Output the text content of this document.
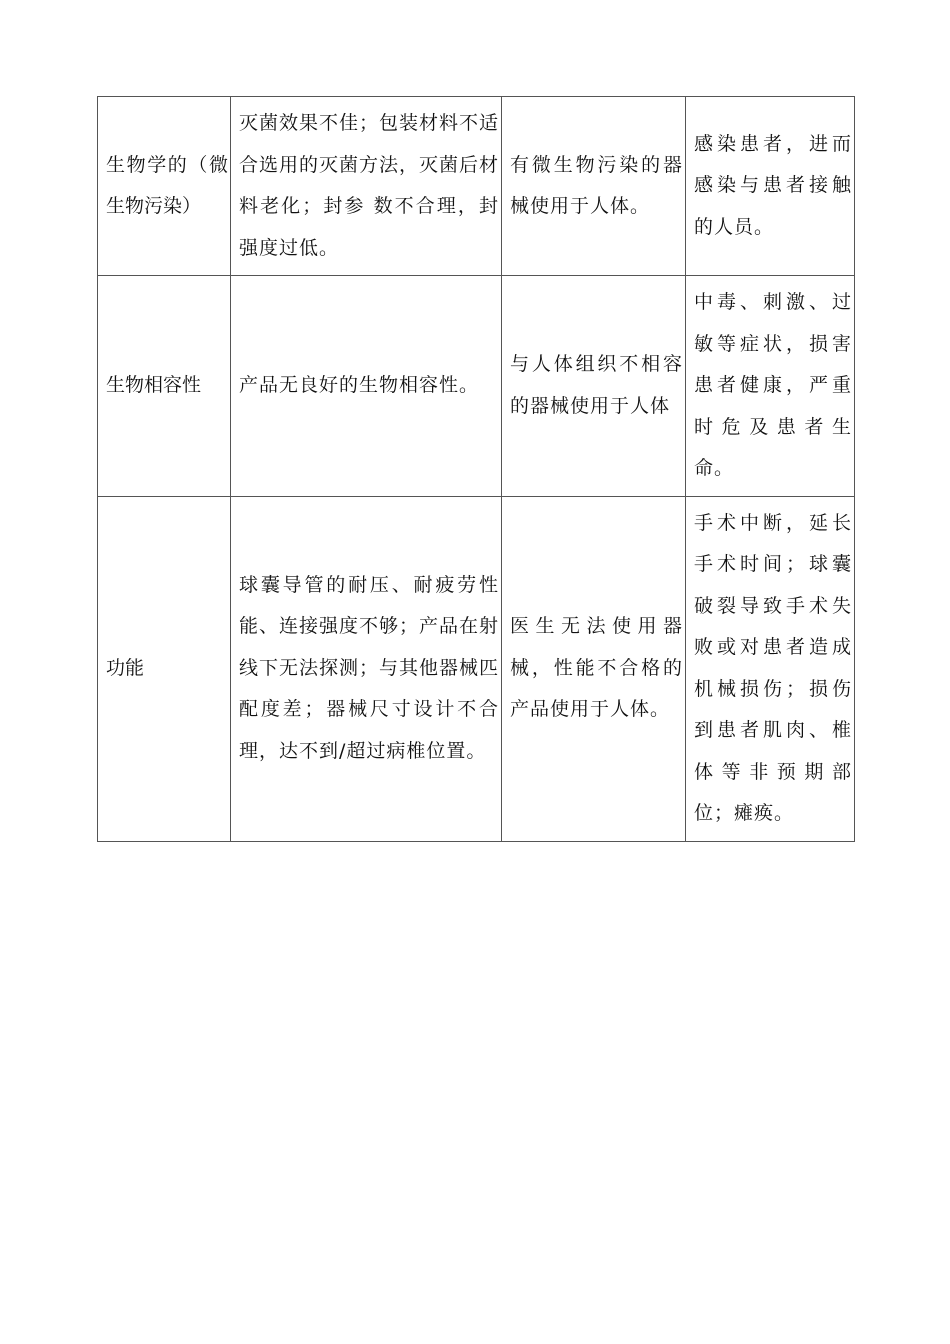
生物学的（微生物污染）	灭菌效果不佳；包装材料不适合选用的灭菌方法，灭菌后材料老化；封参 数不合理，封强度过低。	有微生物污染的器械使用于人体。	感染患者，进而感染与患者接触的人员。

生物相容性	产品无良好的生物相容性。	与人体组织不相容的器械使用于人体	中毒、刺激、过敏等症状，损害患者健康，严重时危及患者生命。

功能	球囊导管的耐压、耐疲劳性能、连接强度不够；产品在射线下无法探测；与其他器械匹配度差；器械尺寸设计不合理，达不到/超过病椎位置。	医生无法使用器械，性能不合格的产品使用于人体。	手术中断，延长手术时间；球囊破裂导致手术失败或对患者造成机械损伤；损伤到患者肌肉、椎体等非预期部位；瘫痪。
